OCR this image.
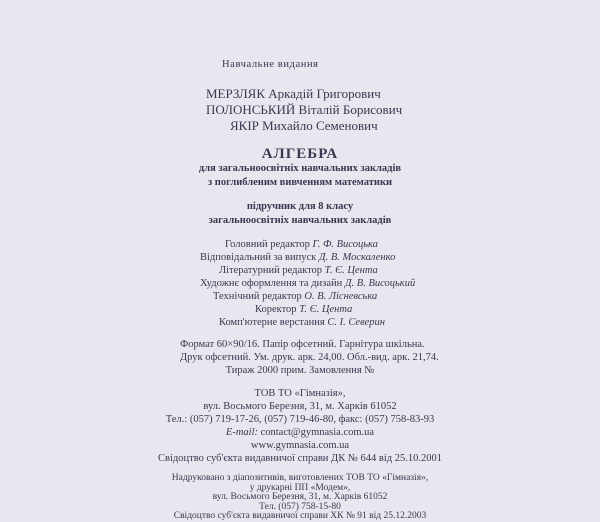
Навчальне видання
МЕРЗЛЯК Аркадій Григорович
ПОЛОНСЬКИЙ Віталій Борисович
ЯКІР Михайло Семенович
АЛГЕБРА
для загальноосвітніх навчальних закладів
з поглибленим вивченням математики
підручник для 8 класу
загальноосвітніх навчальних закладів
Головний редактор Г. Ф. Висоцька
Відповідальний за випуск Д. В. Москаленко
Літературний редактор Т. Є. Цента
Художнє оформлення та дизайн Д. В. Висоцький
Технічний редактор О. В. Лісневська
Коректор Т. Є. Цента
Комп'ютерне верстання С. І. Северин
Формат 60×90/16. Папір офсетний. Гарнітура шкільна.
Друк офсетний. Ум. друк. арк. 24,00. Обл.-вид. арк. 21,74.
Тираж 2000 прим. Замовлення №
ТОВ ТО «Гімназія»,
вул. Восьмого Березня, 31, м. Харків 61052
Тел.: (057) 719-17-26, (057) 719-46-80, факс: (057) 758-83-93
E-mail: contact@gymnasia.com.ua
www.gymnasia.com.ua
Свідоцтво суб'єкта видавничої справи ДК № 644 від 25.10.2001
Надруковано з діапозитивів, виготовлених ТОВ ТО «Гімназія»,
у друкарні ПП «Модем»,
вул. Восьмого Березня, 31, м. Харків 61052
Тел. (057) 758-15-80
Свідоцтво суб'єкта видавничої справи ХК № 91 від 25.12.2003
